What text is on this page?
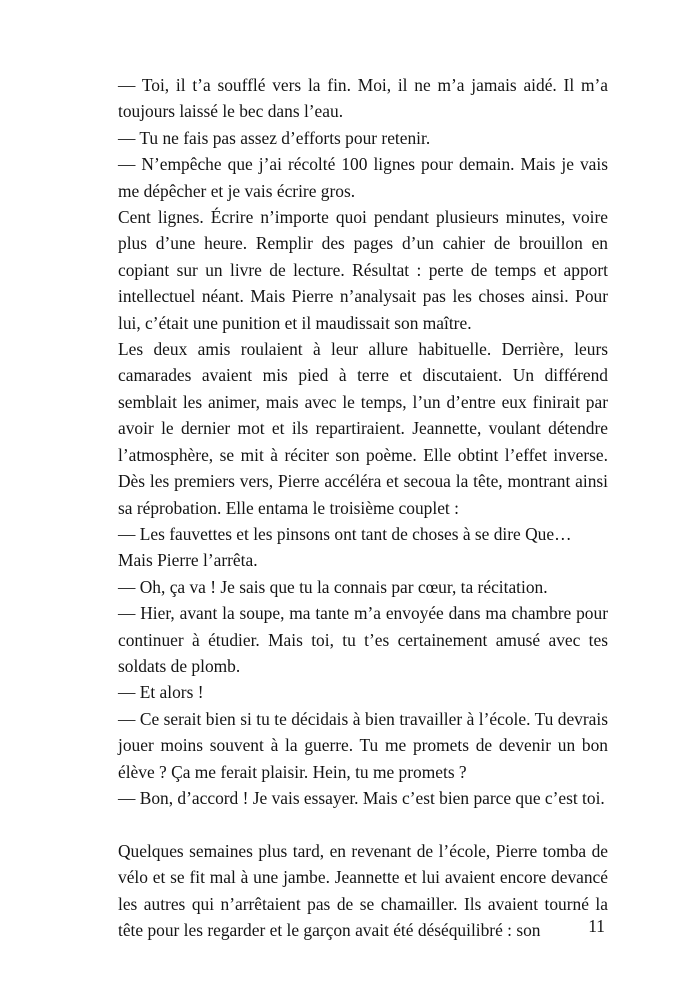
— Toi, il t’a soufflé vers la fin. Moi, il ne m’a jamais aidé. Il m’a toujours laissé le bec dans l’eau.

— Tu ne fais pas assez d’efforts pour retenir.

— N’empêche que j’ai récolté 100 lignes pour demain. Mais je vais me dépêcher et je vais écrire gros.

Cent lignes. Écrire n’importe quoi pendant plusieurs minutes, voire plus d’une heure. Remplir des pages d’un cahier de brouillon en copiant sur un livre de lecture. Résultat : perte de temps et apport intellectuel néant. Mais Pierre n’analysait pas les choses ainsi. Pour lui, c’était une punition et il maudissait son maître.

Les deux amis roulaient à leur allure habituelle. Derrière, leurs camarades avaient mis pied à terre et discutaient. Un différend semblait les animer, mais avec le temps, l’un d’entre eux finirait par avoir le dernier mot et ils repartiraient. Jeannette, voulant détendre l’atmosphère, se mit à réciter son poème. Elle obtint l’effet inverse. Dès les premiers vers, Pierre accéléra et secoua la tête, montrant ainsi sa réprobation. Elle entama le troisième couplet :

— Les fauvettes et les pinsons ont tant de choses à se dire Que…

Mais Pierre l’arrêta.

— Oh, ça va ! Je sais que tu la connais par cœur, ta récitation.

— Hier, avant la soupe, ma tante m’a envoyée dans ma chambre pour continuer à étudier. Mais toi, tu t’es certainement amusé avec tes soldats de plomb.

— Et alors !

— Ce serait bien si tu te décidais à bien travailler à l’école. Tu devrais jouer moins souvent à la guerre. Tu me promets de devenir un bon élève ? Ça me ferait plaisir. Hein, tu me promets ?

— Bon, d’accord ! Je vais essayer. Mais c’est bien parce que c’est toi.

Quelques semaines plus tard, en revenant de l’école, Pierre tomba de vélo et se fit mal à une jambe. Jeannette et lui avaient encore devancé les autres qui n’arrêtaient pas de se chamailler. Ils avaient tourné la tête pour les regarder et le garçon avait été déséquilibré : son	11
